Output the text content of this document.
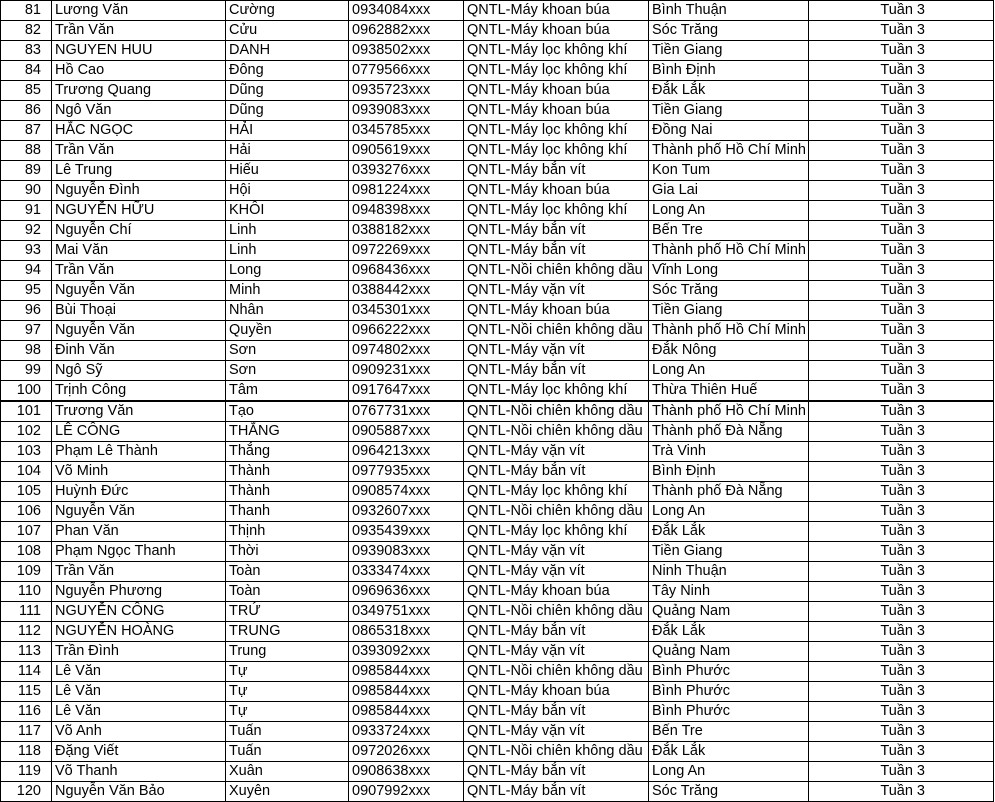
81	Lương Văn	Cường	0934084xxx	QNTL-Máy khoan búa	Bình Thuận	Tuần 3
82	Trần Văn	Cửu	0962882xxx	QNTL-Máy khoan búa	Sóc Trăng	Tuần 3
83	NGUYEN HUU	DANH	0938502xxx	QNTL-Máy lọc không khí	Tiền Giang	Tuần 3
84	Hồ Cao	Đông	0779566xxx	QNTL-Máy lọc không khí	Bình Định	Tuần 3
85	Trương Quang	Dũng	0935723xxx	QNTL-Máy khoan búa	Đắk Lắk	Tuần 3
86	Ngô Văn	Dũng	0939083xxx	QNTL-Máy khoan búa	Tiền Giang	Tuần 3
87	HẮC NGỌC	HẢI	0345785xxx	QNTL-Máy lọc không khí	Đồng Nai	Tuần 3
88	Trần Văn	Hải	0905619xxx	QNTL-Máy lọc không khí	Thành phố Hồ Chí Minh	Tuần 3
89	Lê Trung	Hiếu	0393276xxx	QNTL-Máy bắn vít	Kon Tum	Tuần 3
90	Nguyễn Đình	Hội	0981224xxx	QNTL-Máy khoan búa	Gia Lai	Tuần 3
91	NGUYỄN HỮU	KHÔI	0948398xxx	QNTL-Máy lọc không khí	Long An	Tuần 3
92	Nguyễn Chí	Linh	0388182xxx	QNTL-Máy bắn vít	Bến Tre	Tuần 3
93	Mai Văn	Linh	0972269xxx	QNTL-Máy bắn vít	Thành phố Hồ Chí Minh	Tuần 3
94	Trần Văn	Long	0968436xxx	QNTL-Nồi chiên không dầu	Vĩnh Long	Tuần 3
95	Nguyễn Văn	Minh	0388442xxx	QNTL-Máy vặn vít	Sóc Trăng	Tuần 3
96	Bùi Thoại	Nhân	0345301xxx	QNTL-Máy khoan búa	Tiền Giang	Tuần 3
97	Nguyễn Văn	Quyền	0966222xxx	QNTL-Nồi chiên không dầu	Thành phố Hồ Chí Minh	Tuần 3
98	Đinh Văn	Sơn	0974802xxx	QNTL-Máy vặn vít	Đắk Nông	Tuần 3
99	Ngô Sỹ	Sơn	0909231xxx	QNTL-Máy bắn vít	Long An	Tuần 3
100	Trịnh Công	Tâm	0917647xxx	QNTL-Máy lọc không khí	Thừa Thiên Huế	Tuần 3
101	Trương Văn	Tạo	0767731xxx	QNTL-Nồi chiên không dầu	Thành phố Hồ Chí Minh	Tuần 3
102	LÊ CÔNG	THẮNG	0905887xxx	QNTL-Nồi chiên không dầu	Thành phố Đà Nẵng	Tuần 3
103	Phạm Lê Thành	Thắng	0964213xxx	QNTL-Máy vặn vít	Trà Vinh	Tuần 3
104	Võ Minh	Thành	0977935xxx	QNTL-Máy bắn vít	Bình Định	Tuần 3
105	Huỳnh Đức	Thành	0908574xxx	QNTL-Máy lọc không khí	Thành phố Đà Nẵng	Tuần 3
106	Nguyễn Văn	Thanh	0932607xxx	QNTL-Nồi chiên không dầu	Long An	Tuần 3
107	Phan Văn	Thịnh	0935439xxx	QNTL-Máy lọc không khí	Đắk Lắk	Tuần 3
108	Phạm Ngọc Thanh	Thời	0939083xxx	QNTL-Máy vặn vít	Tiền Giang	Tuần 3
109	Trần Văn	Toàn	0333474xxx	QNTL-Máy vặn vít	Ninh Thuận	Tuần 3
110	Nguyễn Phương	Toàn	0969636xxx	QNTL-Máy khoan búa	Tây Ninh	Tuần 3
111	NGUYỄN CÔNG	TRỨ	0349751xxx	QNTL-Nồi chiên không dầu	Quảng Nam	Tuần 3
112	NGUYỄN HOÀNG	TRUNG	0865318xxx	QNTL-Máy bắn vít	Đắk Lắk	Tuần 3
113	Trần Đình	Trung	0393092xxx	QNTL-Máy vặn vít	Quảng Nam	Tuần 3
114	Lê Văn	Tự	0985844xxx	QNTL-Nồi chiên không dầu	Bình Phước	Tuần 3
115	Lê Văn	Tự	0985844xxx	QNTL-Máy khoan búa	Bình Phước	Tuần 3
116	Lê Văn	Tự	0985844xxx	QNTL-Máy bắn vít	Bình Phước	Tuần 3
117	Võ Anh	Tuấn	0933724xxx	QNTL-Máy vặn vít	Bến Tre	Tuần 3
118	Đặng Viết	Tuấn	0972026xxx	QNTL-Nồi chiên không dầu	Đắk Lắk	Tuần 3
119	Võ Thanh	Xuân	0908638xxx	QNTL-Máy bắn vít	Long An	Tuần 3
120	Nguyễn Văn Bảo	Xuyên	0907992xxx	QNTL-Máy bắn vít	Sóc Trăng	Tuần 3
